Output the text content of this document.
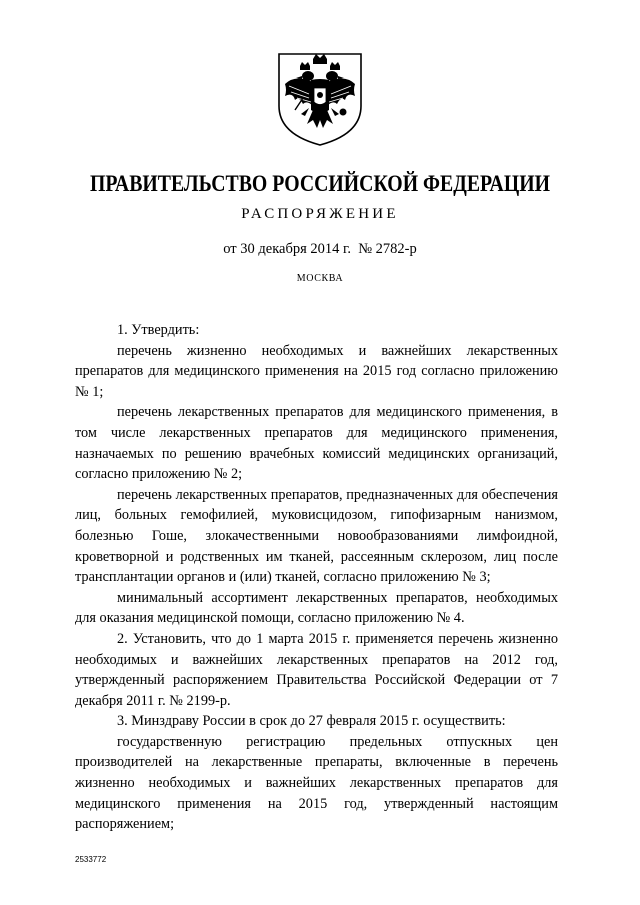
ПРАВИТЕЛЬСТВО РОССИЙСКОЙ ФЕДЕРАЦИИ
РАСПОРЯЖЕНИЕ
от 30 декабря 2014 г.  № 2782-р
МОСКВА

1. Утвердить:

перечень жизненно необходимых и важнейших лекарственных препаратов для медицинского применения на 2015 год согласно приложению № 1;

перечень лекарственных препаратов для медицинского применения, в том числе лекарственных препаратов для медицинского применения, назначаемых по решению врачебных комиссий медицинских организаций, согласно приложению № 2;

перечень лекарственных препаратов, предназначенных для обеспечения лиц, больных гемофилией, муковисцидозом, гипофизарным нанизмом, болезнью Гоше, злокачественными новообразованиями лимфоидной, кроветворной и родственных им тканей, рассеянным склерозом, лиц после трансплантации органов и (или) тканей, согласно приложению № 3;

минимальный ассортимент лекарственных препаратов, необходимых для оказания медицинской помощи, согласно приложению № 4.

2. Установить, что до 1 марта 2015 г. применяется перечень жизненно необходимых и важнейших лекарственных препаратов на 2012 год, утвержденный распоряжением Правительства Российской Федерации от 7 декабря 2011 г. № 2199-р.

3. Минздраву России в срок до 27 февраля 2015 г. осуществить:

государственную регистрацию предельных отпускных цен производителей на лекарственные препараты, включенные в перечень жизненно необходимых и важнейших лекарственных препаратов для медицинского применения на 2015 год, утвержденный настоящим распоряжением;

2533772
